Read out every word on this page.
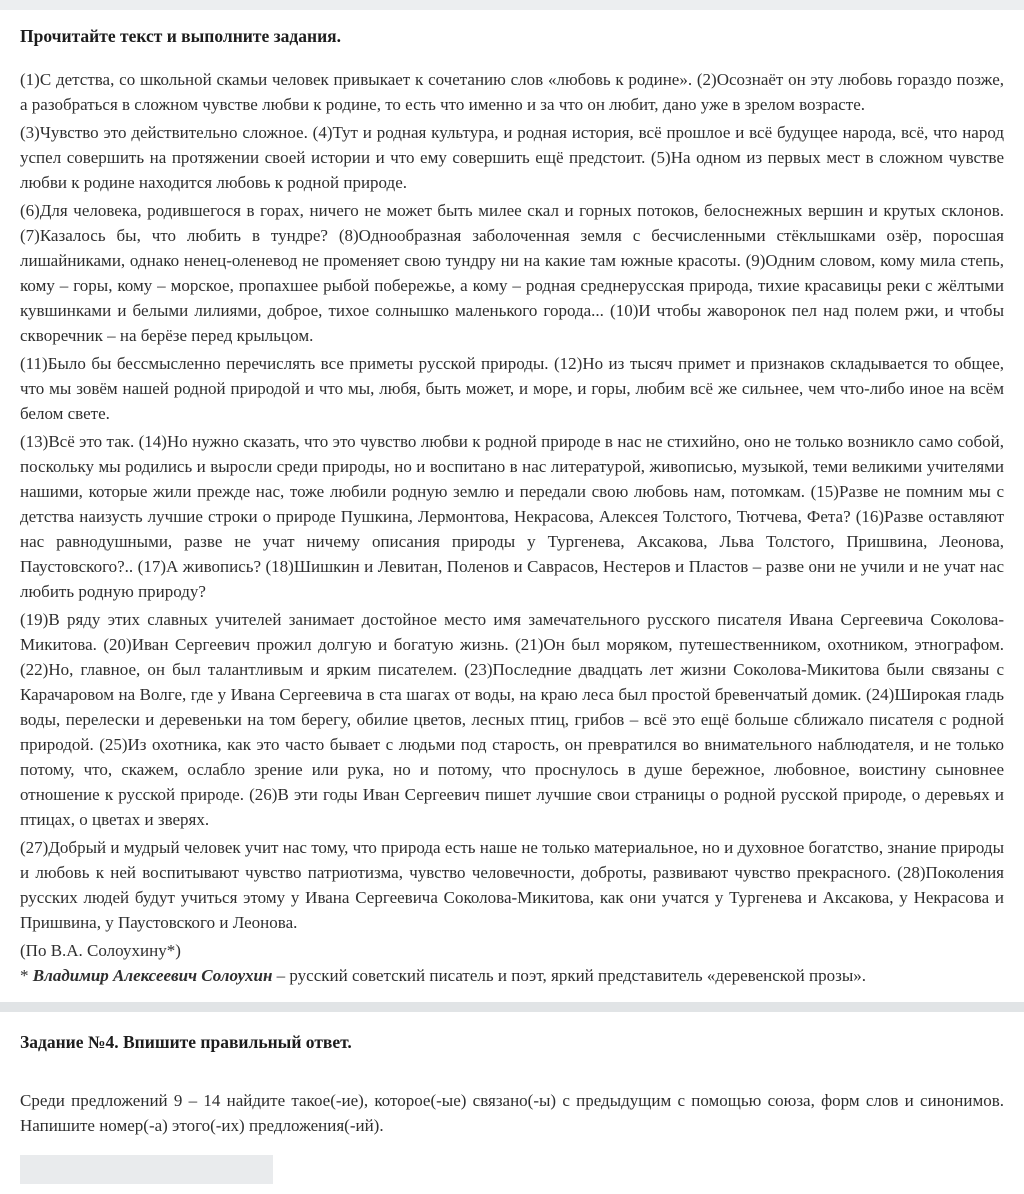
Прочитайте текст и выполните задания.

(1)С детства, со школьной скамьи человек привыкает к сочетанию слов «любовь к родине». (2)Осознаёт он эту любовь гораздо позже, а разобраться в сложном чувстве любви к родине, то есть что именно и за что он любит, дано уже в зрелом возрасте.

(3)Чувство это действительно сложное. (4)Тут и родная культура, и родная история, всё прошлое и всё будущее народа, всё, что народ успел совершить на протяжении своей истории и что ему совершить ещё предстоит. (5)На одном из первых мест в сложном чувстве любви к родине находится любовь к родной природе.

(6)Для человека, родившегося в горах, ничего не может быть милее скал и горных потоков, белоснежных вершин и крутых склонов. (7)Казалось бы, что любить в тундре? (8)Однообразная заболоченная земля с бесчисленными стёклышками озёр, поросшая лишайниками, однако ненец-оленевод не променяет свою тундру ни на какие там южные красоты. (9)Одним словом, кому мила степь, кому – горы, кому – морское, пропахшее рыбой побережье, а кому – родная среднерусская природа, тихие красавицы реки с жёлтыми кувшинками и белыми лилиями, доброе, тихое солнышко маленького города... (10)И чтобы жаворонок пел над полем ржи, и чтобы скворечник – на берёзе перед крыльцом.

(11)Было бы бессмысленно перечислять все приметы русской природы. (12)Но из тысяч примет и признаков складывается то общее, что мы зовём нашей родной природой и что мы, любя, быть может, и море, и горы, любим всё же сильнее, чем что-либо иное на всём белом свете.

(13)Всё это так. (14)Но нужно сказать, что это чувство любви к родной природе в нас не стихийно, оно не только возникло само собой, поскольку мы родились и выросли среди природы, но и воспитано в нас литературой, живописью, музыкой, теми великими учителями нашими, которые жили прежде нас, тоже любили родную землю и передали свою любовь нам, потомкам. (15)Разве не помним мы с детства наизусть лучшие строки о природе Пушкина, Лермонтова, Некрасова, Алексея Толстого, Тютчева, Фета? (16)Разве оставляют нас равнодушными, разве не учат ничему описания природы у Тургенева, Аксакова, Льва Толстого, Пришвина, Леонова, Паустовского?.. (17)А живопись? (18)Шишкин и Левитан, Поленов и Саврасов, Нестеров и Пластов – разве они не учили и не учат нас любить родную природу?

(19)В ряду этих славных учителей занимает достойное место имя замечательного русского писателя Ивана Сергеевича Соколова-Микитова. (20)Иван Сергеевич прожил долгую и богатую жизнь. (21)Он был моряком, путешественником, охотником, этнографом. (22)Но, главное, он был талантливым и ярким писателем. (23)Последние двадцать лет жизни Соколова-Микитова были связаны с Карачаровом на Волге, где у Ивана Сергеевича в ста шагах от воды, на краю леса был простой бревенчатый домик. (24)Широкая гладь воды, перелески и деревеньки на том берегу, обилие цветов, лесных птиц, грибов – всё это ещё больше сближало писателя с родной природой. (25)Из охотника, как это часто бывает с людьми под старость, он превратился во внимательного наблюдателя, и не только потому, что, скажем, ослабло зрение или рука, но и потому, что проснулось в душе бережное, любовное, воистину сыновнее отношение к русской природе. (26)В эти годы Иван Сергеевич пишет лучшие свои страницы о родной русской природе, о деревьях и птицах, о цветах и зверях.

(27)Добрый и мудрый человек учит нас тому, что природа есть наше не только материальное, но и духовное богатство, знание природы и любовь к ней воспитывают чувство патриотизма, чувство человечности, доброты, развивают чувство прекрасного. (28)Поколения русских людей будут учиться этому у Ивана Сергеевича Соколова-Микитова, как они учатся у Тургенева и Аксакова, у Некрасова и Пришвина, у Паустовского и Леонова.

(По В.А. Солоухину*)

* Владимир Алексеевич Солоухин – русский советский писатель и поэт, яркий представитель «деревенской прозы».

Задание №4. Впишите правильный ответ.

Среди предложений 9 – 14 найдите такое(-ие), которое(-ые) связано(-ы) с предыдущим с помощью союза, форм слов и синонимов. Напишите номер(-а) этого(-их) предложения(-ий).
